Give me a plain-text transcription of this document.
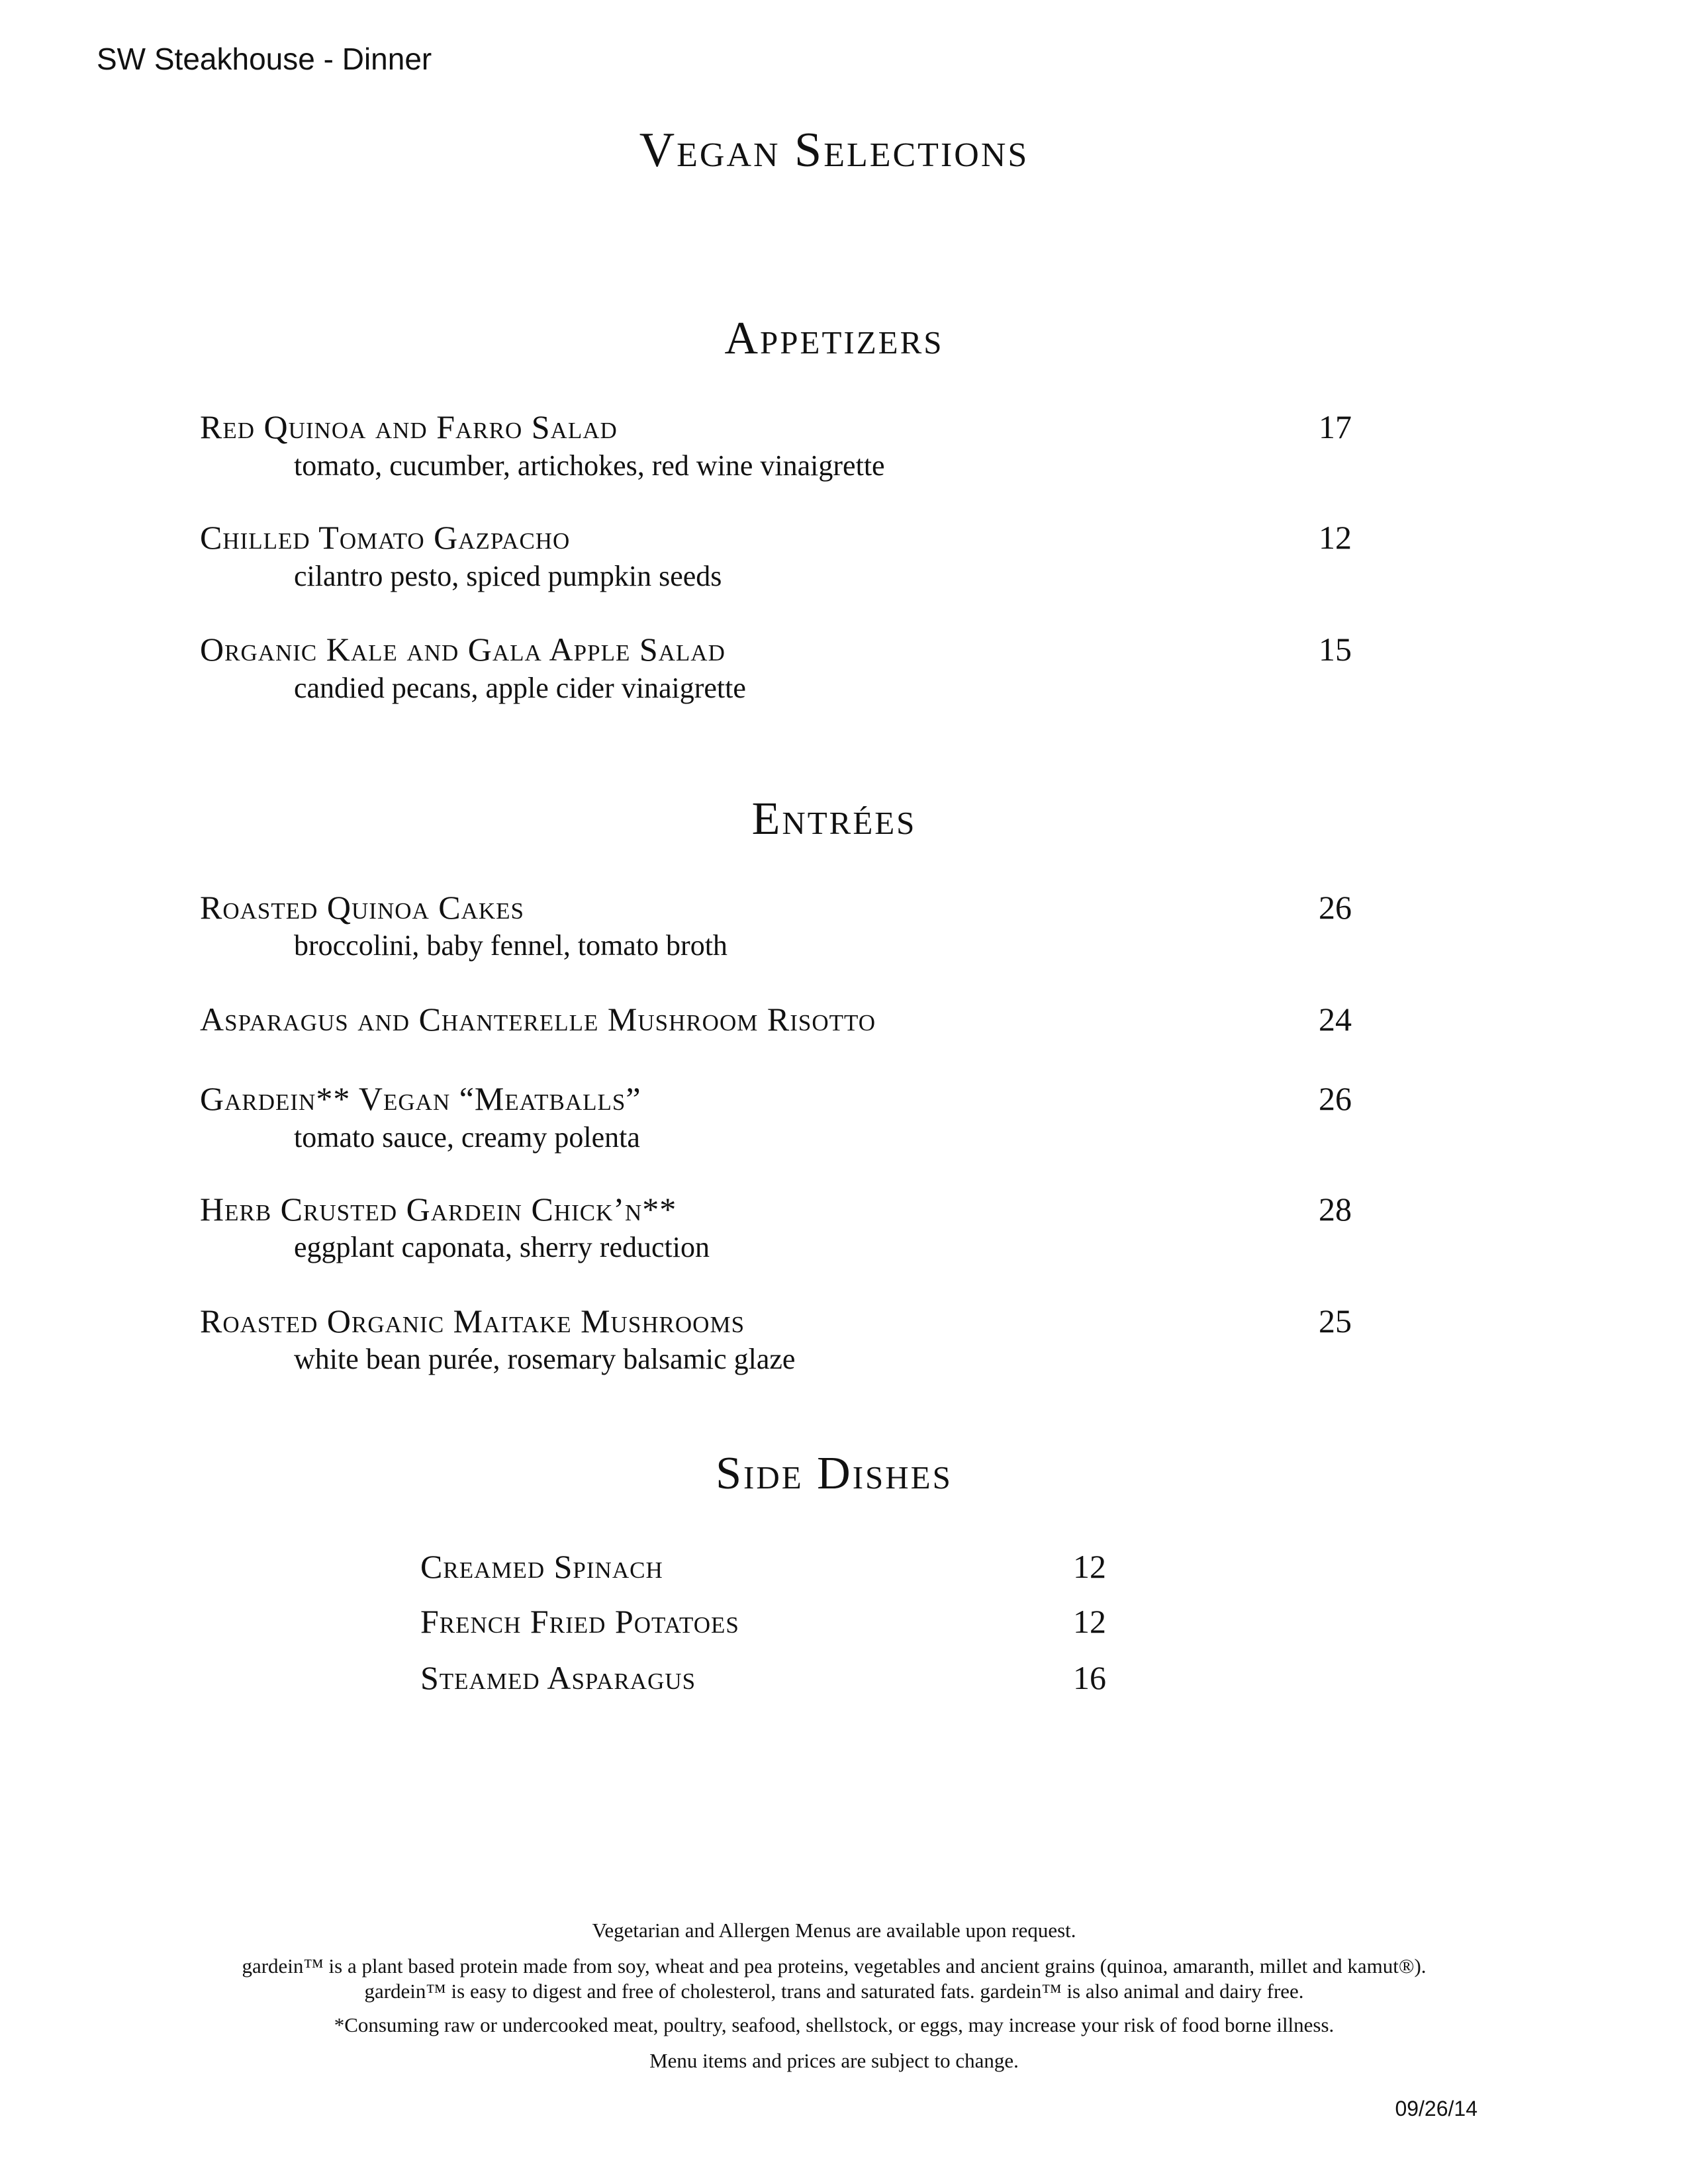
SW Steakhouse - Dinner
Vegan Selections
Appetizers
Red Quinoa and Farro Salad	17
tomato, cucumber, artichokes, red wine vinaigrette
Chilled Tomato Gazpacho	12
cilantro pesto, spiced pumpkin seeds
Organic Kale and Gala Apple Salad	15
candied pecans, apple cider vinaigrette
Entrées
Roasted Quinoa Cakes	26
broccolini, baby fennel, tomato broth
Asparagus and Chanterelle Mushroom Risotto	24
Gardein** Vegan “Meatballs”	26
tomato sauce, creamy polenta
Herb Crusted Gardein Chick’n**	28
eggplant caponata, sherry reduction
Roasted Organic Maitake Mushrooms	25
white bean purée, rosemary balsamic glaze
Side Dishes
Creamed Spinach	12
French Fried Potatoes	12
Steamed Asparagus	16
Vegetarian and Allergen Menus are available upon request.
gardein™ is a plant based protein made from soy, wheat and pea proteins, vegetables and ancient grains (quinoa, amaranth, millet and kamut®). gardein™ is easy to digest and free of cholesterol, trans and saturated fats. gardein™ is also animal and dairy free.
*Consuming raw or undercooked meat, poultry, seafood, shellstock, or eggs, may increase your risk of food borne illness.
Menu items and prices are subject to change.
09/26/14
